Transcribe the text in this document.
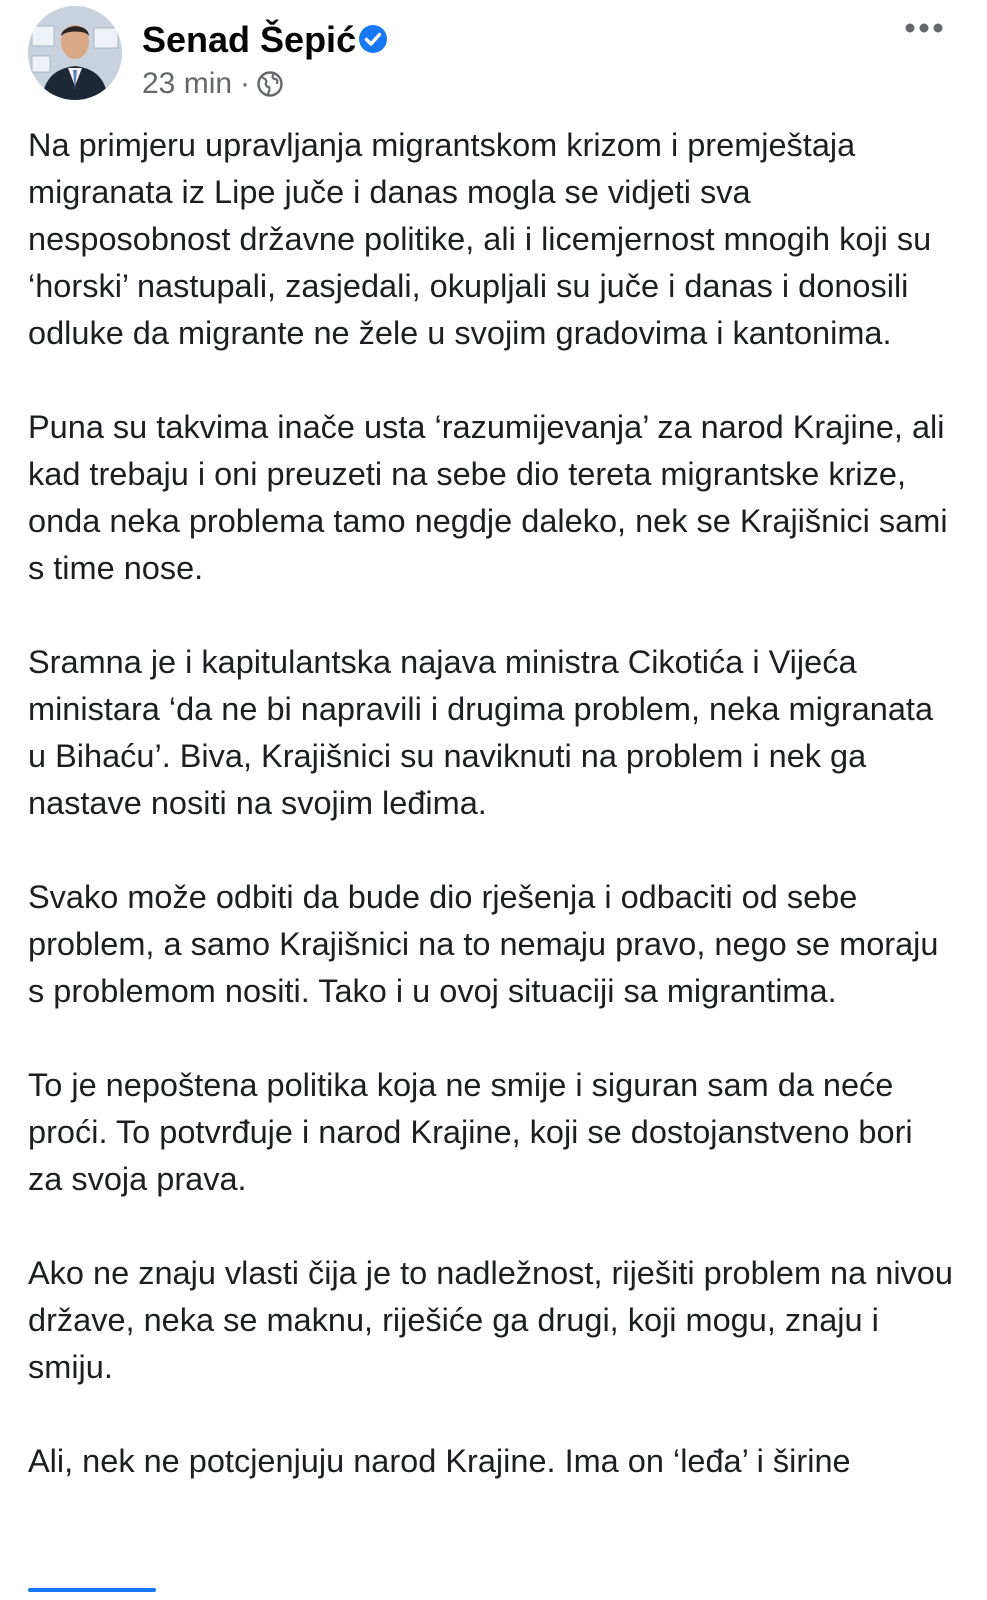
Senad Šepić
23 min ·

Na primjeru upravljanja migrantskom krizom i premještaja migranata iz Lipe juče i danas mogla se vidjeti sva nesposobnost državne politike, ali i licemjernost mnogih koji su ‘horski’ nastupali, zasjedali, okupljali su juče i danas i donosili odluke da migrante ne žele u svojim gradovima i kantonima.

Puna su takvima inače usta ‘razumijevanja’ za narod Krajine, ali kad trebaju i oni preuzeti na sebe dio tereta migrantske krize, onda neka problema tamo negdje daleko, nek se Krajišnici sami s time nose.

Sramna je i kapitulantska najava ministra Cikotića i Vijeća ministara ‘da ne bi napravili i drugima problem, neka migranata u Bihaću’. Biva, Krajišnici su naviknuti na problem i nek ga nastave nositi na svojim leđima.

Svako može odbiti da bude dio rješenja i odbaciti od sebe problem, a samo Krajišnici na to nemaju pravo, nego se moraju s problemom nositi. Tako i u ovoj situaciji sa migrantima.

To je nepoštena politika koja ne smije i siguran sam da neće proći. To potvrđuje i narod Krajine, koji se dostojanstveno bori za svoja prava.

Ako ne znaju vlasti čija je to nadležnost, riješiti problem na nivou države, neka se maknu, riješiće ga drugi, koji mogu, znaju i smiju.

Ali, nek ne potcjenjuju narod Krajine. Ima on ‘leđa’ i širine
